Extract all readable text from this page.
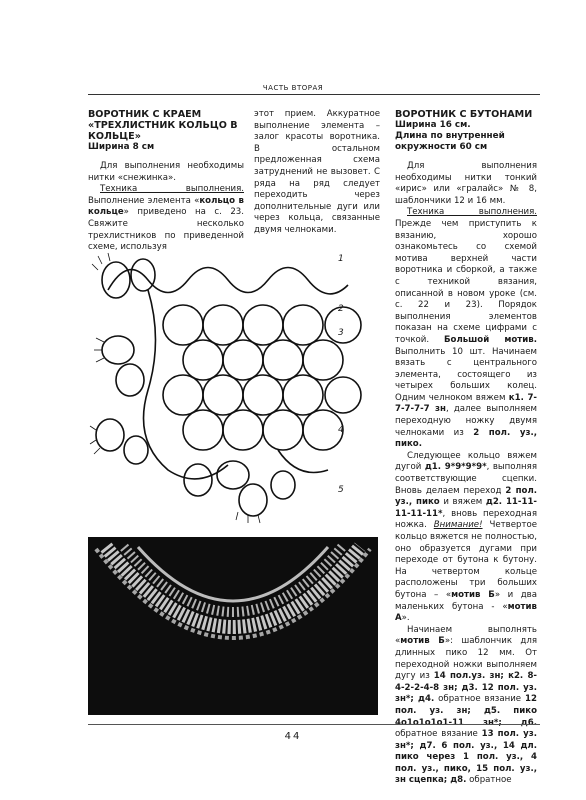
ЧАСТЬ ВТОРАЯ
ВОРОТНИК С КРАЕМ «ТРЕХЛИСТНИК КОЛЬЦО В КОЛЬЦЕ»
Ширина 8 см

Для выполнения необходимы нитки «снежинка».

Техника выполнения. Выполнение элемента «кольцо в кольце» приведено на с. 23. Свяжите несколько трехлистников по приведенной схеме, используя

этот прием. Аккуратное выполнение элемента – залог красоты воротника. В остальном предложенная схема затруднений не вызовет. С ряда на ряд следует переходить через дополнительные дуги или через кольца, связанные двумя челноками.

ВОРОТНИК С БУТОНАМИ
Ширина 16 см.
Длина по внутренней окружности 60 см

Для выполнения необходимы нитки тонкий «ирис» или «гралайс» № 8, шаблончики 12 и 16 мм.

Техника выполнения. Прежде чем приступить к вязанию, хорошо ознакомьтесь со схемой мотива верхней части воротника и сборкой, а также с техникой вязания, описанной в новом уроке (см. с. 22 и 23). Порядок выполнения элементов показан на схеме цифрами с точкой. Большой мотив. Выполнить 10 шт. Начинаем вязать с центрального элемента, состоящего из четырех больших колец. Одним челноком вяжем к1. 7-7-7-7-7 зн, далее выполняем переходную ножку двумя челноками из 2 пол. уз., пико.

Следующее кольцо вяжем дугой д1. 9*9*9*9*, выполняя соответствующие сцепки. Вновь делаем переход 2 пол. уз., пико и вяжем д2. 11-11-11-11-11*, вновь переходная ножка. Внимание! Четвертое кольцо вяжется не полностью, оно образуется дугами при переходе от бутона к бутону. На четвертом кольце расположены три больших бутона – «мотив Б» и два маленьких бутона - «мотив А».

Начинаем выполнять «мотив Б»: шаблончик для длинных пико 12 мм. От переходной ножки выполняем дугу из 14 пол.уз. зн; к2. 8-4-2-2-4-8 зн; д3. 12 пол. уз. зн*; д4. обратное вязание 12 пол. уз. зн; д5. пико 4о1о1о1о1-11 зн*; д6. обратное вязание 13 пол. уз. зн*; д7. 6 пол. уз., 14 дл. пико через 1 пол. уз., 4 пол. уз., пико, 15 пол. уз., зн сцепка; д8. обратное

1
2
3
4
5
44
